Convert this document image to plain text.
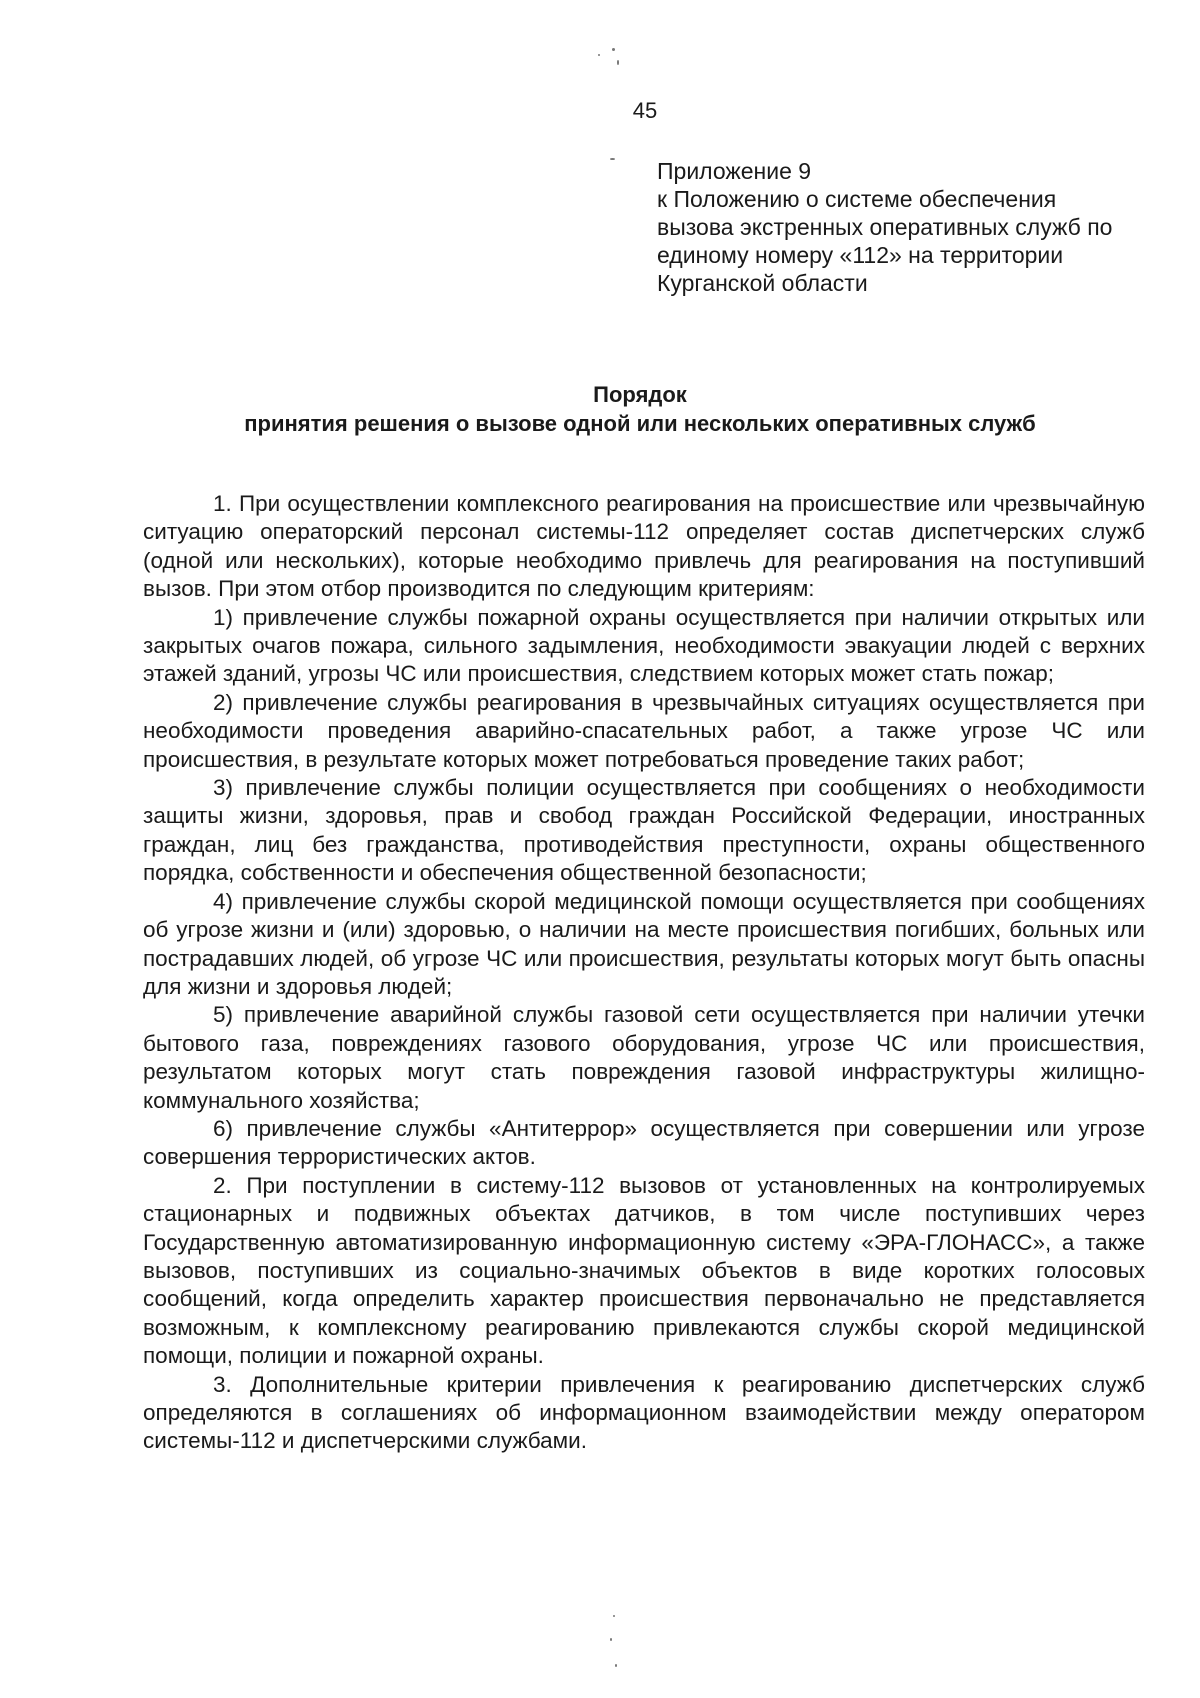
45
Приложение 9
к Положению о системе обеспечения
вызова экстренных оперативных служб по
единому номеру «112» на территории
Курганской области
Порядок
принятия решения о вызове одной или нескольких оперативных служб

1. При осуществлении комплексного реагирования на происшествие или чрезвычайную ситуацию операторский персонал системы-112 определяет состав диспетчерских служб (одной или нескольких), которые необходимо привлечь для реагирования на поступивший вызов. При этом отбор производится по следующим критериям:

1) привлечение службы пожарной охраны осуществляется при наличии открытых или закрытых очагов пожара, сильного задымления, необходимости эвакуации людей с верхних этажей зданий, угрозы ЧС или происшествия, следствием которых может стать пожар;

2) привлечение службы реагирования в чрезвычайных ситуациях осуществляется при необходимости проведения аварийно-спасательных работ, а также угрозе ЧС или происшествия, в результате которых может потребоваться проведение таких работ;

3) привлечение службы полиции осуществляется при сообщениях о необходимости защиты жизни, здоровья, прав и свобод граждан Российской Федерации, иностранных граждан, лиц без гражданства, противодействия преступности, охраны общественного порядка, собственности и обеспечения общественной безопасности;

4) привлечение службы скорой медицинской помощи осуществляется при сообщениях об угрозе жизни и (или) здоровью, о наличии на месте происшествия погибших, больных или пострадавших людей, об угрозе ЧС или происшествия, результаты которых могут быть опасны для жизни и здоровья людей;

5) привлечение аварийной службы газовой сети осуществляется при наличии утечки бытового газа, повреждениях газового оборудования, угрозе ЧС или происшествия, результатом которых могут стать повреждения газовой инфраструктуры жилищно-коммунального хозяйства;

6) привлечение службы «Антитеррор» осуществляется при совершении или угрозе совершения террористических актов.

2. При поступлении в систему-112 вызовов от установленных на контролируемых стационарных и подвижных объектах датчиков, в том числе поступивших через Государственную автоматизированную информационную систему «ЭРА-ГЛОНАСС», а также вызовов, поступивших из социально-значимых объектов в виде коротких голосовых сообщений, когда определить характер происшествия первоначально не представляется возможным, к комплексному реагированию привлекаются службы скорой медицинской помощи, полиции и пожарной охраны.

3. Дополнительные критерии привлечения к реагированию диспетчерских служб определяются в соглашениях об информационном взаимодействии между оператором системы-112 и диспетчерскими службами.
